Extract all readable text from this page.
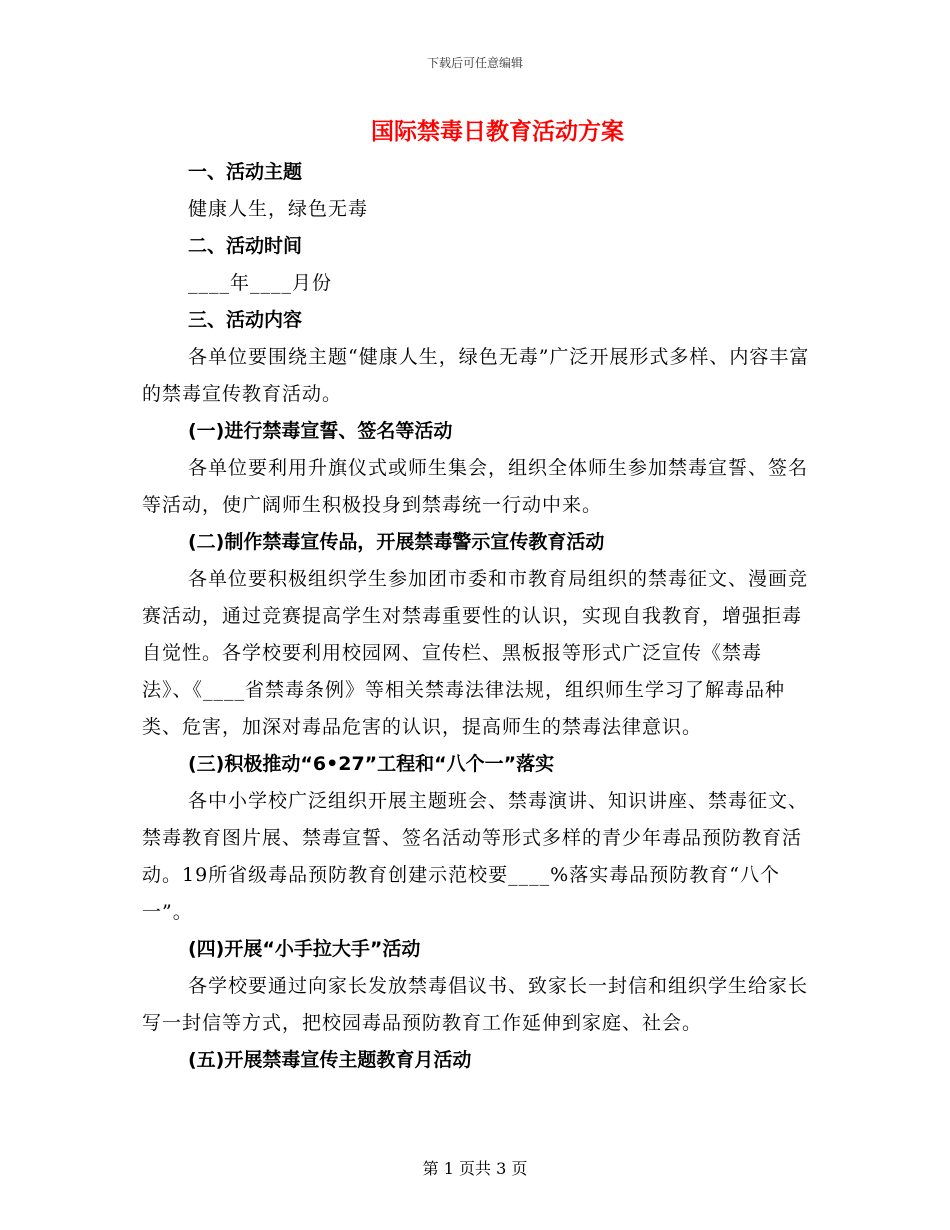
下载后可任意编辑
国际禁毒日教育活动方案
一、活动主题
健康人生，绿色无毒
二、活动时间
____年____月份
三、活动内容
各单位要围绕主题“健康人生，绿色无毒”广泛开展形式多样、内容丰富的禁毒宣传教育活动。
(一)进行禁毒宣誓、签名等活动
各单位要利用升旗仪式或师生集会，组织全体师生参加禁毒宣誓、签名等活动，使广阔师生积极投身到禁毒统一行动中来。
(二)制作禁毒宣传品，开展禁毒警示宣传教育活动
各单位要积极组织学生参加团市委和市教育局组织的禁毒征文、漫画竞赛活动，通过竞赛提高学生对禁毒重要性的认识，实现自我教育，增强拒毒自觉性。各学校要利用校园网、宣传栏、黑板报等形式广泛宣传《禁毒法》、《____省禁毒条例》等相关禁毒法律法规，组织师生学习了解毒品种类、危害，加深对毒品危害的认识，提高师生的禁毒法律意识。
(三)积极推动“6•27”工程和“八个一”落实
各中小学校广泛组织开展主题班会、禁毒演讲、知识讲座、禁毒征文、禁毒教育图片展、禁毒宣誓、签名活动等形式多样的青少年毒品预防教育活动。19所省级毒品预防教育创建示范校要____%落实毒品预防教育“八个一”。
(四)开展“小手拉大手”活动
各学校要通过向家长发放禁毒倡议书、致家长一封信和组织学生给家长写一封信等方式，把校园毒品预防教育工作延伸到家庭、社会。
(五)开展禁毒宣传主题教育月活动
第 1 页共 3 页
